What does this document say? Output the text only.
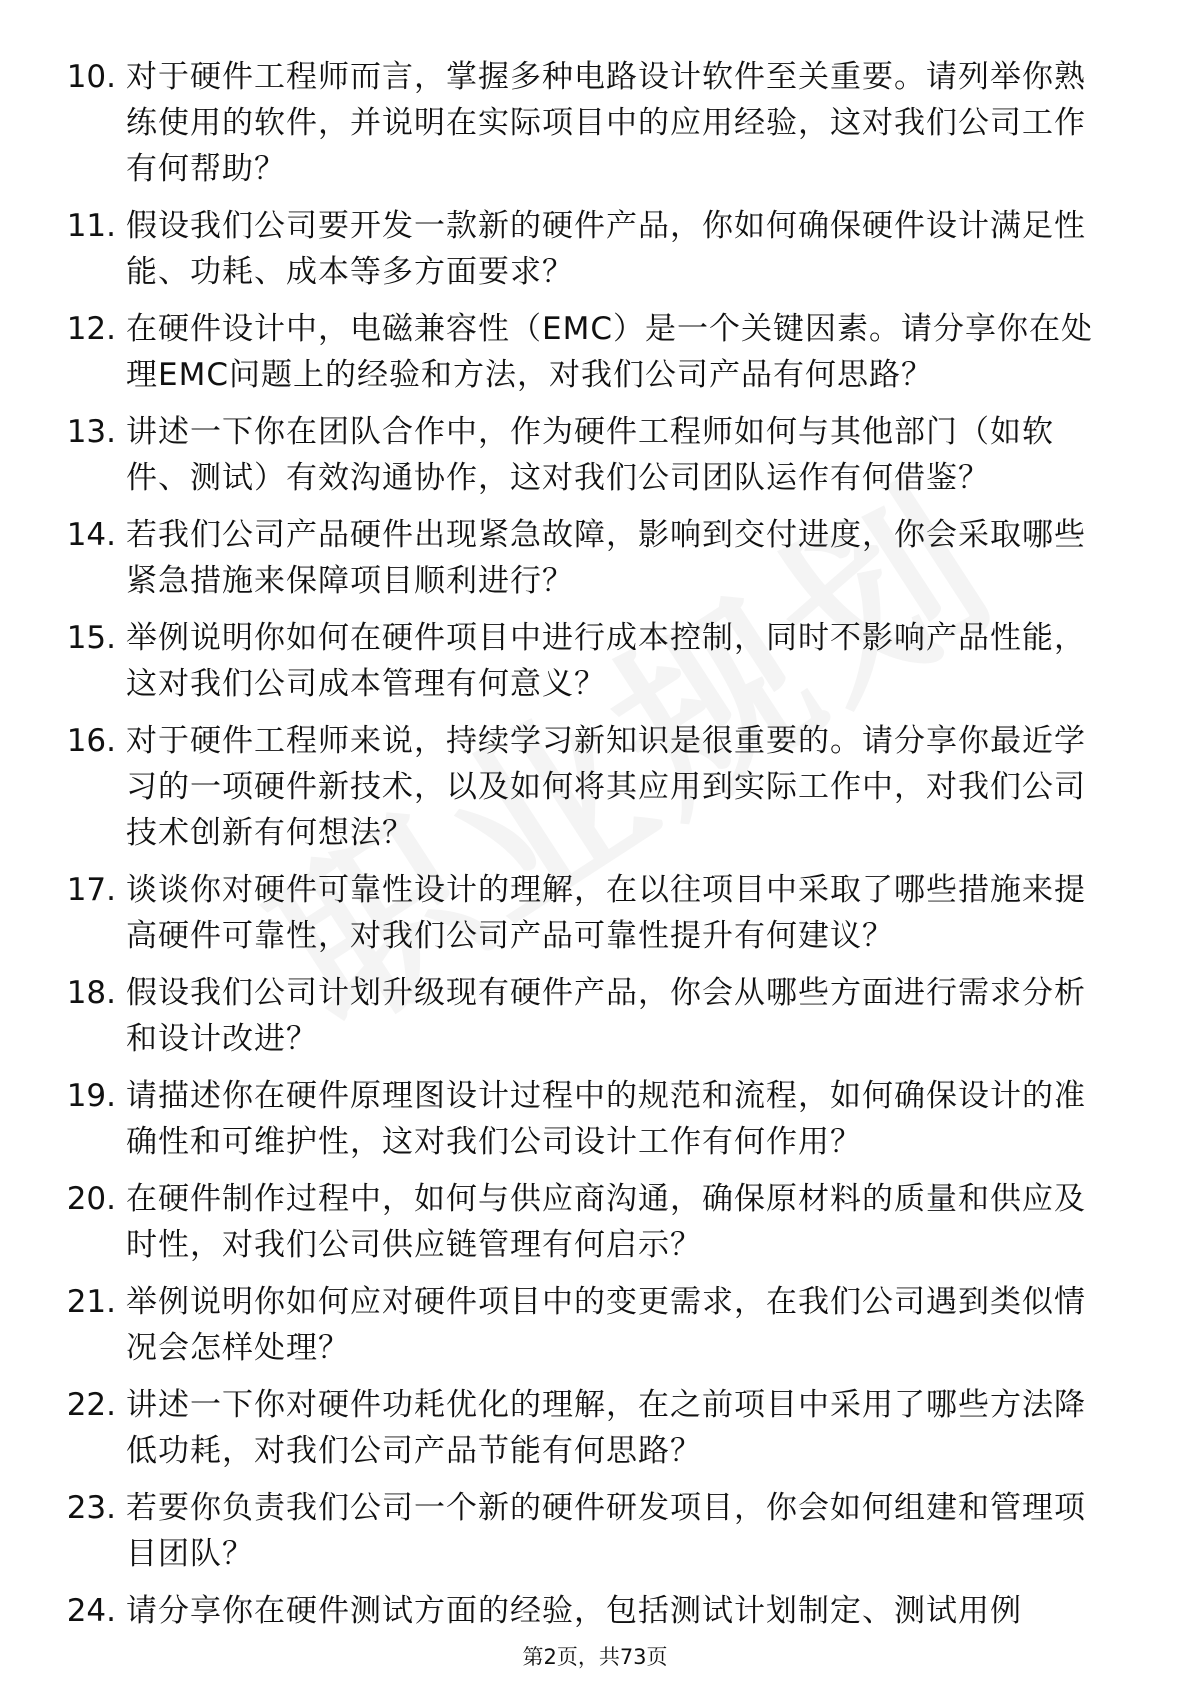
10. 对于硬件工程师而言，掌握多种电路设计软件至关重要。请列举你熟练使用的软件，并说明在实际项目中的应用经验，这对我们公司工作有何帮助？
11. 假设我们公司要开发一款新的硬件产品，你如何确保硬件设计满足性能、功耗、成本等多方面要求？
12. 在硬件设计中，电磁兼容性（EMC）是一个关键因素。请分享你在处理EMC问题上的经验和方法，对我们公司产品有何思路？
13. 讲述一下你在团队合作中，作为硬件工程师如何与其他部门（如软件、测试）有效沟通协作，这对我们公司团队运作有何借鉴？
14. 若我们公司产品硬件出现紧急故障，影响到交付进度，你会采取哪些紧急措施来保障项目顺利进行？
15. 举例说明你如何在硬件项目中进行成本控制，同时不影响产品性能，这对我们公司成本管理有何意义？
16. 对于硬件工程师来说，持续学习新知识是很重要的。请分享你最近学习的一项硬件新技术，以及如何将其应用到实际工作中，对我们公司技术创新有何想法？
17. 谈谈你对硬件可靠性设计的理解，在以往项目中采取了哪些措施来提高硬件可靠性，对我们公司产品可靠性提升有何建议？
18. 假设我们公司计划升级现有硬件产品，你会从哪些方面进行需求分析和设计改进？
19. 请描述你在硬件原理图设计过程中的规范和流程，如何确保设计的准确性和可维护性，这对我们公司设计工作有何作用？
20. 在硬件制作过程中，如何与供应商沟通，确保原材料的质量和供应及时性，对我们公司供应链管理有何启示？
21. 举例说明你如何应对硬件项目中的变更需求，在我们公司遇到类似情况会怎样处理？
22. 讲述一下你对硬件功耗优化的理解，在之前项目中采用了哪些方法降低功耗，对我们公司产品节能有何思路？
23. 若要你负责我们公司一个新的硬件研发项目，你会如何组建和管理项目团队？
24. 请分享你在硬件测试方面的经验，包括测试计划制定、测试用例
第2页，共73页
